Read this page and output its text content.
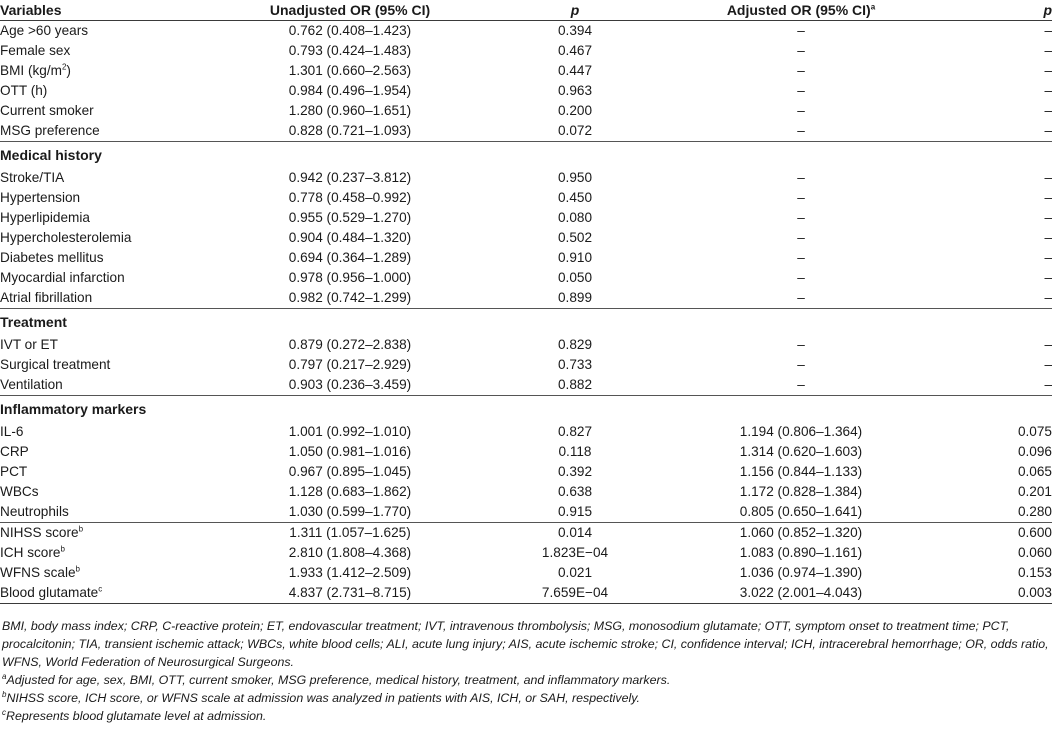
Variables	Unadjusted OR (95% CI)	p	Adjusted OR (95% CI)$^a$	p
Age >60 years	0.762 (0.408–1.423)	0.394	–	–
Female sex	0.793 (0.424–1.483)	0.467	–	–
BMI $(kg/m^2)$	1.301 (0.660–2.563)	0.447	–	–
OTT (h)	0.984 (0.496–1.954)	0.963	–	–
Current smoker	1.280 (0.960–1.651)	0.200	–	–
MSG preference	0.828 (0.721–1.093)	0.072	–	–
Medical history				
Stroke/TIA	0.942 (0.237–3.812)	0.950	–	–
Hypertension	0.778 (0.458–0.992)	0.450	–	–
Hyperlipidemia	0.955 (0.529–1.270)	0.080	–	–
Hypercholesterolemia	0.904 (0.484–1.320)	0.502	–	–
Diabetes mellitus	0.694 (0.364–1.289)	0.910	–	–
Myocardial infarction	0.978 (0.956–1.000)	0.050	–	–
Atrial fibrillation	0.982 (0.742–1.299)	0.899	–	–
Treatment				
IVT or ET	0.879 (0.272–2.838)	0.829	–	–
Surgical treatment	0.797 (0.217–2.929)	0.733	–	–
Ventilation	0.903 (0.236–3.459)	0.882	–	–
Inflammatory markers				
IL-6	1.001 (0.992–1.010)	0.827	1.194 (0.806–1.364)	0.075
CRP	1.050 (0.981–1.016)	0.118	1.314 (0.620–1.603)	0.096
PCT	0.967 (0.895–1.045)	0.392	1.156 (0.844–1.133)	0.065
WBCs	1.128 (0.683–1.862)	0.638	1.172 (0.828–1.384)	0.201
Neutrophils	1.030 (0.599–1.770)	0.915	0.805 (0.650–1.641)	0.280
NIHSS score$^b$	1.311 (1.057–1.625)	0.014	1.060 (0.852–1.320)	0.600
ICH score$^b$	2.810 (1.808–4.368)	1.823E−04	1.083 (0.890–1.161)	0.060
WFNS scale$^b$	1.933 (1.412–2.509)	0.021	1.036 (0.974–1.390)	0.153
Blood glutamate$^c$	4.837 (2.731–8.715)	7.659E−04	3.022 (2.001–4.043)	0.003

BMI, body mass index; CRP, C-reactive protein; ET, endovascular treatment; IVT, intravenous thrombolysis; MSG, monosodium glutamate; OTT, symptom onset to treatment time; PCT, procalcitonin; TIA, transient ischemic attack; WBCs, white blood cells; ALI, acute lung injury; AIS, acute ischemic stroke; CI, confidence interval; ICH, intracerebral hemorrhage; OR, odds ratio, WFNS, World Federation of Neurosurgical Surgeons.

$^a$Adjusted for age, sex, BMI, OTT, current smoker, MSG preference, medical history, treatment, and inflammatory markers.

$^b$NIHSS score, ICH score, or WFNS scale at admission was analyzed in patients with AIS, ICH, or SAH, respectively.

$^c$Represents blood glutamate level at admission.
